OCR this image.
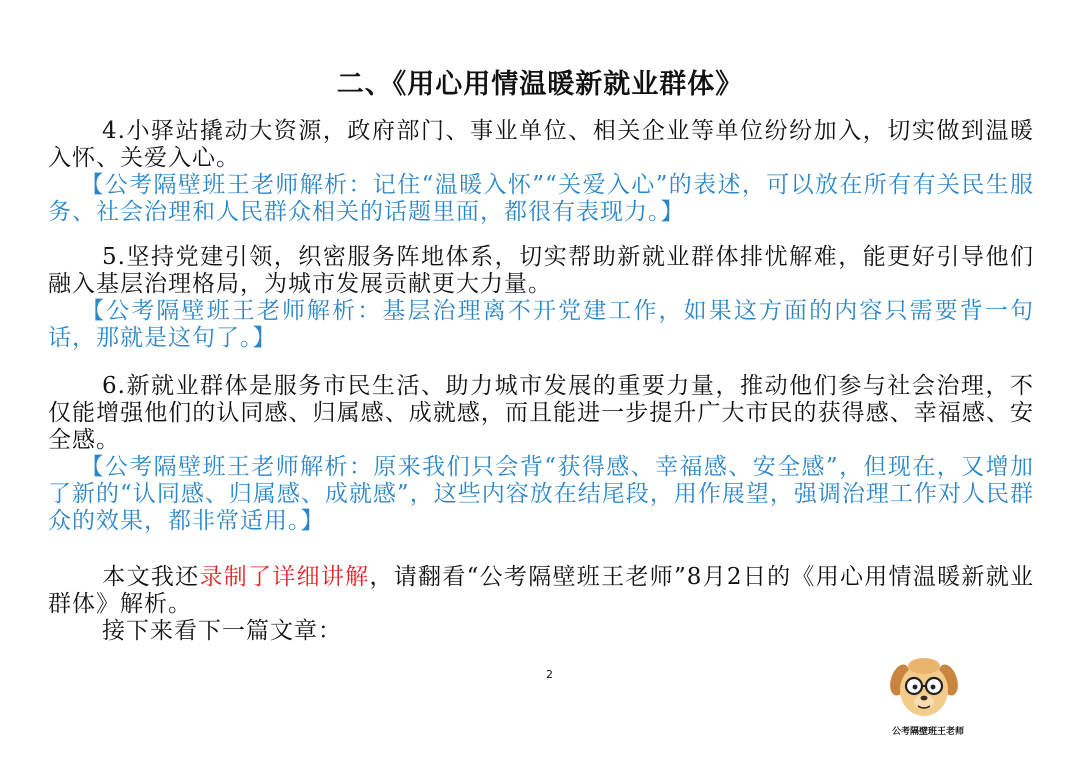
二、《用心用情温暖新就业群体》

4.小驿站撬动大资源，政府部门、事业单位、相关企业等单位纷纷加入，切实做到温暖入怀、关爱入心。

【公考隔壁班王老师解析：记住“温暖入怀”“关爱入心”的表述，可以放在所有有关民生服务、社会治理和人民群众相关的话题里面，都很有表现力。】

5.坚持党建引领，织密服务阵地体系，切实帮助新就业群体排忧解难，能更好引导他们融入基层治理格局，为城市发展贡献更大力量。

【公考隔壁班王老师解析：基层治理离不开党建工作，如果这方面的内容只需要背一句话，那就是这句了。】

6.新就业群体是服务市民生活、助力城市发展的重要力量，推动他们参与社会治理，不仅能增强他们的认同感、归属感、成就感，而且能进一步提升广大市民的获得感、幸福感、安全感。

【公考隔壁班王老师解析：原来我们只会背“获得感、幸福感、安全感”，但现在，又增加了新的“认同感、归属感、成就感”，这些内容放在结尾段，用作展望，强调治理工作对人民群众的效果，都非常适用。】

本文我还录制了详细讲解，请翻看“公考隔壁班王老师”8月2日的《用心用情温暖新就业群体》解析。

接下来看下一篇文章：

2
公考隔壁班王老师
